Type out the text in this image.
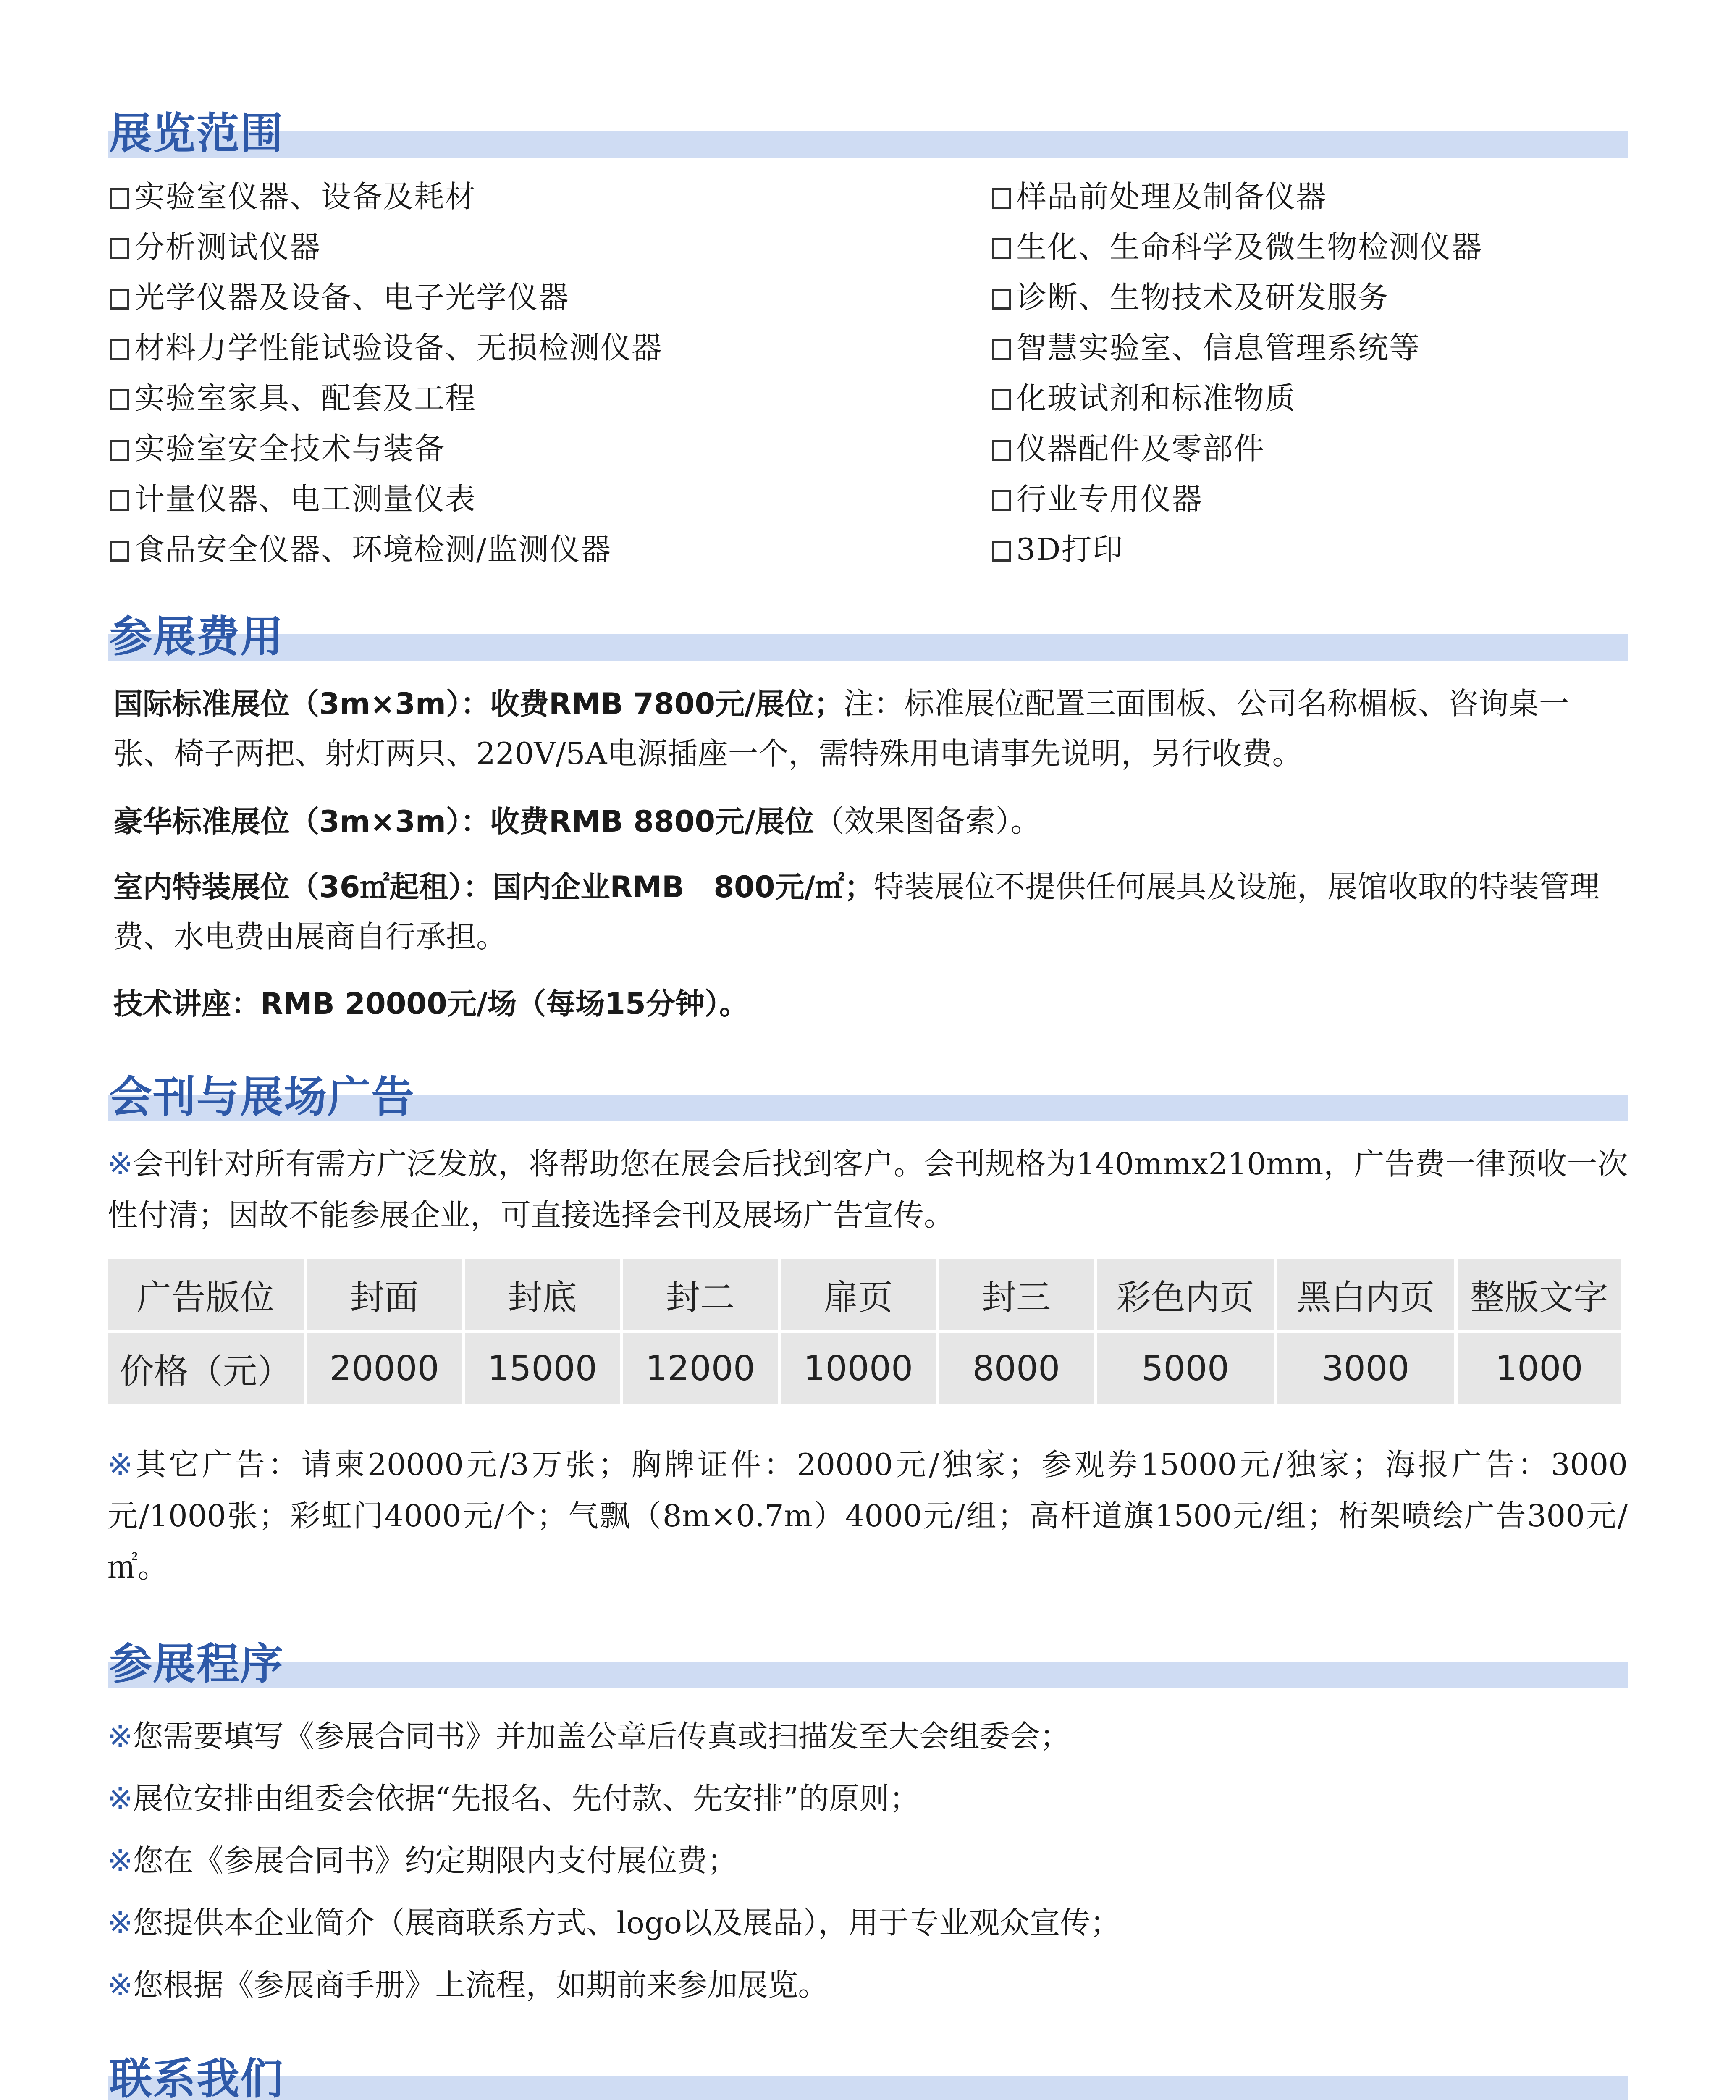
展览范围
实验室仪器、设备及耗材
分析测试仪器
光学仪器及设备、电子光学仪器
材料力学性能试验设备、无损检测仪器
实验室家具、配套及工程
实验室安全技术与装备
计量仪器、电工测量仪表
食品安全仪器、环境检测/监测仪器
样品前处理及制备仪器
生化、生命科学及微生物检测仪器
诊断、生物技术及研发服务
智慧实验室、信息管理系统等
化玻试剂和标准物质
仪器配件及零部件
行业专用仪器
3D打印
参展费用
国际标准展位（3m×3m）：收费RMB 7800元/展位；注：标准展位配置三面围板、公司名称楣板、咨询桌一张、椅子两把、射灯两只、220V/5A电源插座一个，需特殊用电请事先说明，另行收费。
豪华标准展位（3m×3m）：收费RMB 8800元/展位（效果图备索）。
室内特装展位（36㎡起租）：国内企业RMB　800元/㎡；特装展位不提供任何展具及设施，展馆收取的特装管理费、水电费由展商自行承担。
技术讲座：RMB 20000元/场（每场15分钟）。
会刊与展场广告
※会刊针对所有需方广泛发放，将帮助您在展会后找到客户。会刊规格为140mmx210mm，广告费一律预收一次性付清；因故不能参展企业，可直接选择会刊及展场广告宣传。
广告版位	封面	封底	封二	扉页	封三	彩色内页	黑白内页	整版文字
价格（元）	20000	15000	12000	10000	8000	5000	3000	1000
※其它广告：请柬20000元/3万张；胸牌证件：20000元/独家；参观券15000元/独家；海报广告：3000元/1000张；彩虹门4000元/个；气飘（8m×0.7m）4000元/组；高杆道旗1500元/组；桁架喷绘广告300元/㎡。
参展程序
※您需要填写《参展合同书》并加盖公章后传真或扫描发至大会组委会；
※展位安排由组委会依据“先报名、先付款、先安排”的原则；
※您在《参展合同书》约定期限内支付展位费；
※您提供本企业简介（展商联系方式、logo以及展品），用于专业观众宣传；
※您根据《参展商手册》上流程，如期前来参加展览。
联系我们
